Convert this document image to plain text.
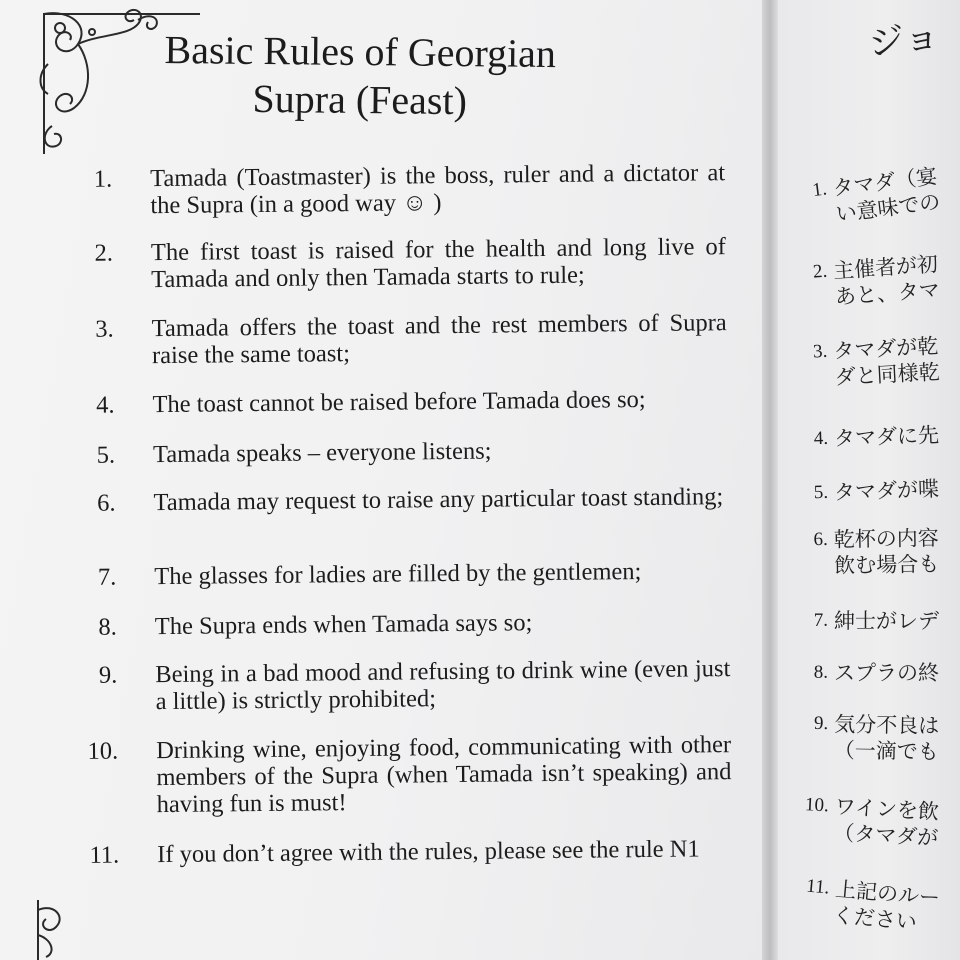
Basic Rules of Georgian
Supra (Feast)
1. Tamada (Toastmaster) is the boss, ruler and a dictator at the Supra (in a good way ☺ )
2. The first toast is raised for the health and long live of Tamada and only then Tamada starts to rule;
3. Tamada offers the toast and the rest members of Supra raise the same toast;
4. The toast cannot be raised before Tamada does so;
5. Tamada speaks – everyone listens;
6. Tamada may request to raise any particular toast standing;
7. The glasses for ladies are filled by the gentlemen;
8. The Supra ends when Tamada says so;
9. Being in a bad mood and refusing to drink wine (even just a little) is strictly prohibited;
10. Drinking wine, enjoying food, communicating with other members of the Supra (when Tamada isn’t speaking) and having fun is must!
11. If you don’t agree with the rules, please see the rule N1
ジョ
1. タマダ（宴
い意味での
2. 主催者が初
あと、タマ
3. タマダが乾
ダと同様乾
4. タマダに先
5. タマダが喋
6. 乾杯の内容
飲む場合も
7. 紳士がレデ
8. スプラの終
9. 気分不良は
（一滴でも
10. ワインを飲
（タマダが
11. 上記のルー
ください
